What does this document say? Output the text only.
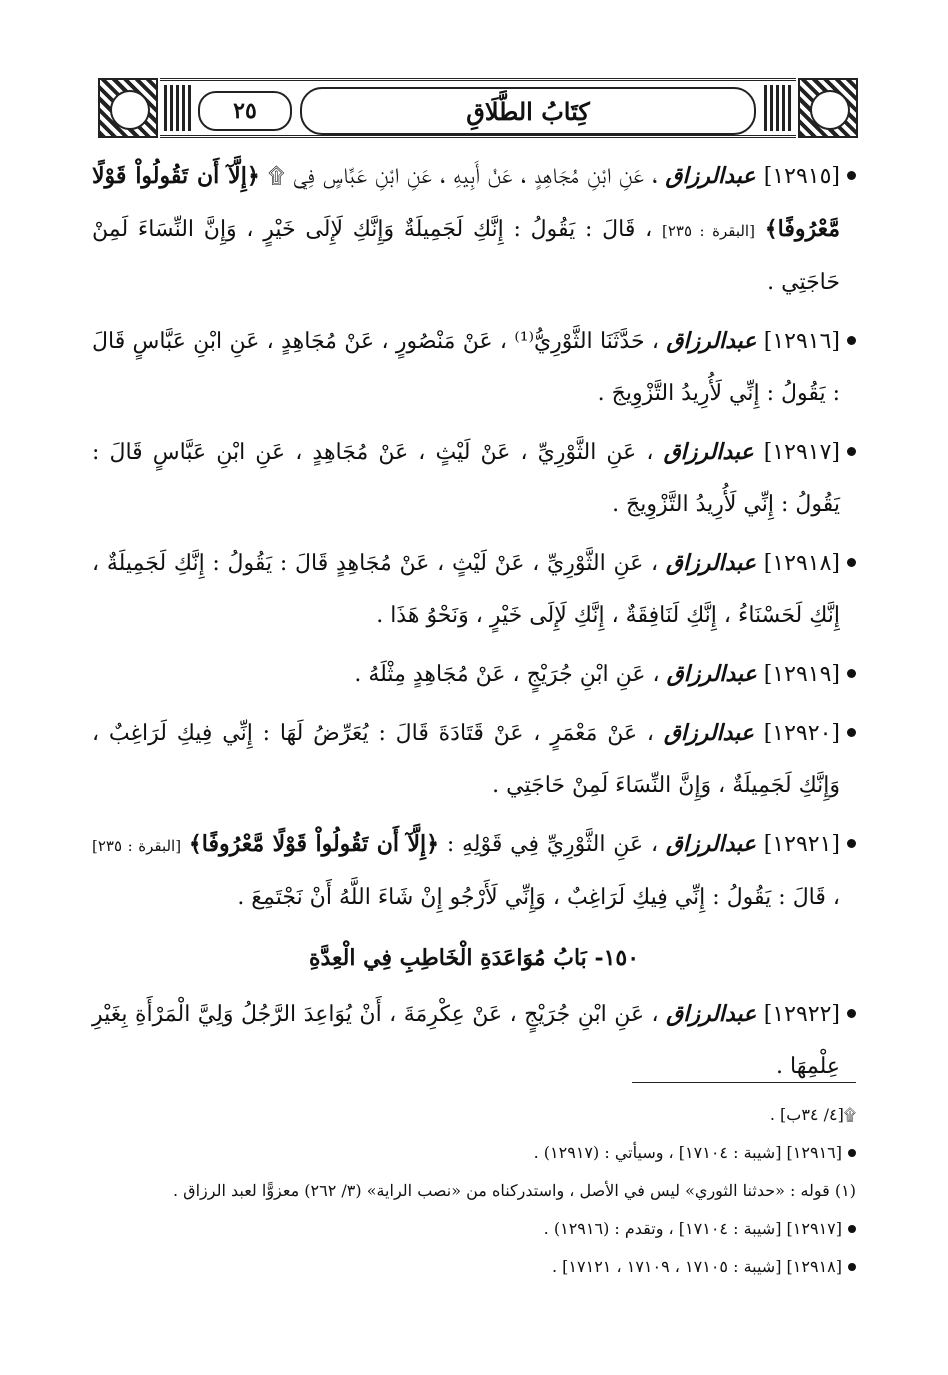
٢٥	كِتَابُ الطَّلَاقِ

[١٢٩١٥] عبدالرزاق ، عَنِ ابْنِ مُجَاهِدٍ ، عَنْ أَبِيهِ ، عَنِ ابْنِ عَبَّاسٍ فِي ۩ ﴿إِلَّآ أَن تَقُولُواْ قَوْلًا مَّعْرُوفًا﴾ [البقرة : ٢٣٥] ، قَالَ : يَقُولُ : إِنَّكِ لَجَمِيلَةٌ وَإِنَّكِ لَإِلَى خَيْرٍ ، وَإِنَّ النِّسَاءَ لَمِنْ حَاجَتِي .

[١٢٩١٦] عبدالرزاق ، حَدَّثَنَا الثَّوْرِيُّ⁽¹⁾ ، عَنْ مَنْصُورٍ ، عَنْ مُجَاهِدٍ ، عَنِ ابْنِ عَبَّاسٍ قَالَ : يَقُولُ : إِنِّي لَأُرِيدُ التَّزْوِيجَ .

[١٢٩١٧] عبدالرزاق ، عَنِ الثَّوْرِيِّ ، عَنْ لَيْثٍ ، عَنْ مُجَاهِدٍ ، عَنِ ابْنِ عَبَّاسٍ قَالَ : يَقُولُ : إِنِّي لَأُرِيدُ التَّزْوِيجَ .

[١٢٩١٨] عبدالرزاق ، عَنِ الثَّوْرِيِّ ، عَنْ لَيْثٍ ، عَنْ مُجَاهِدٍ قَالَ : يَقُولُ : إِنَّكِ لَجَمِيلَةٌ ، إِنَّكِ لَحَسْنَاءُ ، إِنَّكِ لَنَافِقَةٌ ، إِنَّكِ لَإِلَى خَيْرٍ ، وَنَحْوُ هَذَا .

[١٢٩١٩] عبدالرزاق ، عَنِ ابْنِ جُرَيْجٍ ، عَنْ مُجَاهِدٍ مِثْلَهُ .

[١٢٩٢٠] عبدالرزاق ، عَنْ مَعْمَرٍ ، عَنْ قَتَادَةَ قَالَ : يُعَرِّضُ لَهَا : إِنِّي فِيكِ لَرَاغِبٌ ، وَإِنَّكِ لَجَمِيلَةٌ ، وَإِنَّ النِّسَاءَ لَمِنْ حَاجَتِي .

[١٢٩٢١] عبدالرزاق ، عَنِ الثَّوْرِيِّ فِي قَوْلِهِ : ﴿إِلَّآ أَن تَقُولُواْ قَوْلًا مَّعْرُوفًا﴾ [البقرة : ٢٣٥] ، قَالَ : يَقُولُ : إِنِّي فِيكِ لَرَاغِبٌ ، وَإِنِّي لَأَرْجُو إِنْ شَاءَ اللَّهُ أَنْ نَجْتَمِعَ .

١٥٠- بَابُ مُوَاعَدَةِ الْخَاطِبِ فِي الْعِدَّةِ

[١٢٩٢٢] عبدالرزاق ، عَنِ ابْنِ جُرَيْجٍ ، عَنْ عِكْرِمَةَ ، أَنْ يُوَاعِدَ الرَّجُلُ وَلِيَّ الْمَرْأَةِ بِغَيْرِ عِلْمِهَا .

۩[٤/ ٣٤ب] .
[١٢٩١٦] [شيبة : ١٧١٠٤] ، وسيأتي : (١٢٩١٧) .
(١) قوله : «حدثنا الثوري» ليس في الأصل ، واستدركناه من «نصب الراية» (٣/ ٢٦٢) معزوًّا لعبد الرزاق .
[١٢٩١٧] [شيبة : ١٧١٠٤] ، وتقدم : (١٢٩١٦) .
[١٢٩١٨] [شيبة : ١٧١٠٥ ، ١٧١٠٩ ، ١٧١٢١] .
